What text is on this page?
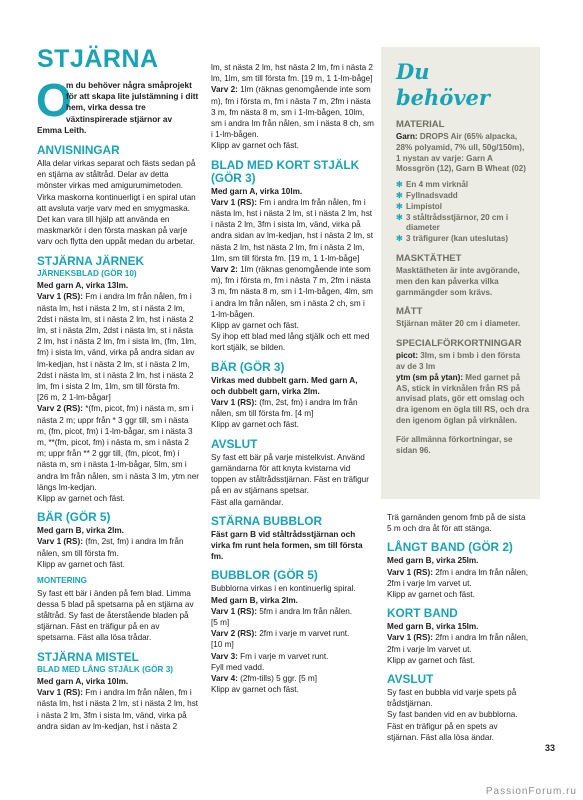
STJÄRNA
O
m du behöver några småprojekt för att skapa lite julstämning i ditt hem, virka dessa tre växtinspirerade stjärnor av Emma Leith.
ANVISNINGAR

Alla delar virkas separat och fästs sedan på en stjärna av ståltråd. Delar av detta mönster virkas med amigurumimetoden. Virka maskorna kontinuerligt i en spiral utan att avsluta varje varv med en smygmaska. Det kan vara till hjälp att använda en maskmarkör i den första maskan på varje varv och flytta den uppåt medan du arbetar.

STJÄRNA JÄRNEK
JÄRNEKSBLAD (GÖR 10)

Med garn A, virka 13lm.

Varv 1 (RS): Fm i andra lm från nålen, fm i nästa lm, hst i nästa 2 lm, st i nästa 2 lm, 2dst i nästa lm, st i nästa 2 lm, hst i nästa 2 lm, st i nästa 2lm, 2dst i nästa lm, st i nästa 2 lm, hst i nästa 2 lm, fm i sista lm, (fm, 1lm, fm) i sista lm, vänd, virka på andra sidan av lm-kedjan, hst i nästa 2 lm, st i nästa 2 lm, 2dst i nästa lm, st i nästa 2 lm, hst i nästa 2 lm, fm i sista 2 lm, 1lm, sm till första fm.

[26 m, 2 1-lm-bågar]

Varv 2 (RS): *(fm, picot, fm) i nästa m, sm i nästa 2 m; uppr från * 3 ggr till, sm i nästa m, (fm, picot, fm) i 1-lm-bågar, sm i nästa 3 m, **(fm, picot, fm) i nästa m, sm i nästa 2 m; uppr från ** 2 ggr till, (fm, picot, fm) i nästa m, sm i nästa 1-lm-bågar, 5lm, sm i andra lm från nålen, sm i nästa 3 lm, ytm ner längs lm-kedjan.

Klipp av garnet och fäst.

BÄR (GÖR 5)

Med garn B, virka 2lm.

Varv 1 (RS): (fm, 2st, fm) i andra lm från nålen, sm till första fm.

Klipp av garnet och fäst.

MONTERING

Sy fast ett bär i änden på fem blad. Limma dessa 5 blad på spetsarna på en stjärna av ståltråd. Sy fast de återstående bladen på stjärnan. Fäst en träfigur på en av spetsarna. Fäst alla lösa trådar.

STJÄRNA MISTEL
BLAD MED LÅNG STJÄLK (GÖR 3)

Med garn A, virka 10lm.

Varv 1 (RS): Fm i andra lm från nålen, fm i nästa lm, hst i nästa 2 lm, st i nästa 2 lm, hst i nästa 2 lm, 3fm i sista lm, vänd, virka på andra sidan av lm-kedjan, hst i nästa 2

lm, st nästa 2 lm, hst nästa 2 lm, fm i nästa 2 lm, 1lm, sm till första fm. [19 m, 1 1-lm-båge]

Varv 2: 1lm (räknas genomgående inte som m), fm i första m, fm i nästa 7 m, 2fm i nästa 3 m, fm nästa 8 m, sm i 1-lm-bågen, 10lm, sm i andra lm från nålen, sm i nästa 8 ch, sm i 1-lm-bågen.

Klipp av garnet och fäst.

BLAD MED KORT STJÄLK (GÖR 3)

Med garn A, virka 10lm.

Varv 1 (RS): Fm i andra lm från nålen, fm i nästa lm, hst i nästa 2 lm, st i nästa 2 lm, hst i nästa 2 lm, 3fm i sista lm, vänd, virka på andra sidan av lm-kedjan, hst i nästa 2 lm, st nästa 2 lm, hst nästa 2 lm, fm i nästa 2 lm, 1lm, sm till första fm. [19 m, 1 1-lm-båge]

Varv 2: 1lm (räknas genomgående inte som m), fm i första m, fm i nästa 7 m, 2fm i nästa 3 m, fm nästa 8 m, sm i 1-lm-bågen, 4lm, sm i andra lm från nålen, sm i nästa 2 ch, sm i 1-lm-bågen.

Klipp av garnet och fäst.

Sy ihop ett blad med lång stjälk och ett med kort stjälk, se bilden.

BÄR (GÖR 3)

Virkas med dubbelt garn. Med garn A, och dubbelt garn, virka 2lm.

Varv 1 (RS): (fm, 2st, fm) i andra lm från nålen, sm till första fm. [4 m]

Klipp av garnet och fäst.

AVSLUT

Sy fast ett bär på varje mistelkvist. Använd garnändarna för att knyta kvistarna vid toppen av ståltrådsstjärnan. Fäst en träfigur på en av stjärnans spetsar.

Fäst alla garnändar.

STÄRNA BUBBLOR

Fäst garn B vid ståltrådsstjärnan och virka fm runt hela formen, sm till första fm.

BUBBLOR (GÖR 5)

Bubblorna virkas i en kontinuerlig spiral.

Med garn B, virka 2lm.

Varv 1 (RS): 5fm i andra lm från nålen.

[5 m]

Varv 2 (RS): 2fm i varje m varvet runt.

[10 m]

Varv 3: Fm i varje m varvet runt.

Fyll med vadd.

Varv 4: (2fm-tills) 5 ggr. [5 m]

Klipp av garnet och fäst.

Du behöver
MATERIAL

Garn: DROPS Air (65% alpacka, 28% polyamid, 7% ull, 50g/150m), 1 nystan av varje: Garn A Mossgrön (12), Garn B Wheat (02)

✻ En 4 mm virknål
✻ Fyllnadsvadd
✻ Limpistol
✻ 3 ståltrådsstjärnor, 20 cm i diameter
✻ 3 träfigurer (kan uteslutas)
MASKTÄTHET

Masktätheten är inte avgörande, men den kan påverka vilka garnmängder som krävs.

MÅTT

Stjärnan mäter 20 cm i diameter.

SPECIALFÖRKORTNINGAR

picot: 3lm, sm i bmb i den första av de 3 lm

ytm (sm på ytan): Med garnet på AS, stick in virknålen från RS på anvisad plats, gör ett omslag och dra igenom en ögla till RS, och dra den igenom öglan på virknålen.

För allmänna förkortningar, se sidan 96.

Trä garnänden genom fmb på de sista 5 m och dra åt för att stänga.

LÅNGT BAND (GÖR 2)

Med garn B, virka 25lm.

Varv 1 (RS): 2fm i andra lm från nålen, 2fm i varje lm varvet ut.

Klipp av garnet och fäst.

KORT BAND

Med garn B, virka 15lm.

Varv 1 (RS): 2fm i andra lm från nålen, 2fm i varje lm varvet ut.

Klipp av garnet och fäst.

AVSLUT

Sy fast en bubbla vid varje spets på trådstjärnan.

Sy fast banden vid en av bubblorna. Fäst en träfigur på en spets av stjärnan. Fäst alla lösa ändar.

33
PassionForum.ru
